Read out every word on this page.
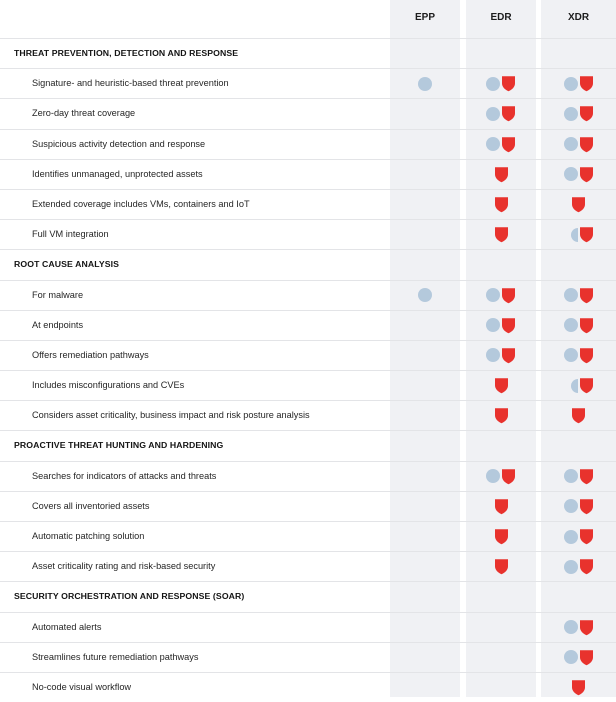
EPP	EDR	XDR
THREAT PREVENTION, DETECTION AND RESPONSE
Signature- and heuristic-based threat prevention
Zero-day threat coverage
Suspicious activity detection and response
Identifies unmanaged, unprotected assets
Extended coverage includes VMs, containers and IoT
Full VM integration
ROOT CAUSE ANALYSIS
For malware
At endpoints
Offers remediation pathways
Includes misconfigurations and CVEs
Considers asset criticality, business impact and risk posture analysis
PROACTIVE THREAT HUNTING AND HARDENING
Searches for indicators of attacks and threats
Covers all inventoried assets
Automatic patching solution
Asset criticality rating and risk-based security
SECURITY ORCHESTRATION AND RESPONSE (SOAR)
Automated alerts
Streamlines future remediation pathways
No-code visual workflow
